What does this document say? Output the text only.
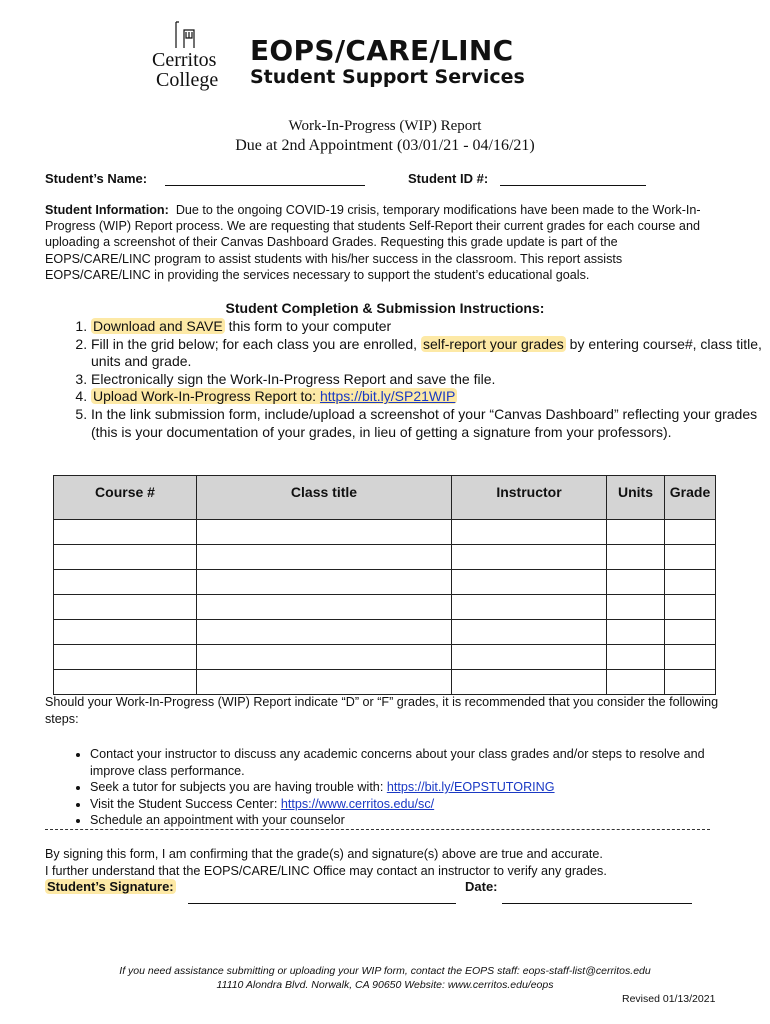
Cerritos
College
EOPS/CARE/LINC
Student Support Services
Work-In-Progress (WIP) Report
Due at 2nd Appointment (03/01/21 - 04/16/21)
Student’s Name:	Student ID #:
Student Information: Due to the ongoing COVID-19 crisis, temporary modifications have been made to the Work-In-Progress (WIP) Report process. We are requesting that students Self-Report their current grades for each course and uploading a screenshot of their Canvas Dashboard Grades. Requesting this grade update is part of the EOPS/CARE/LINC program to assist students with his/her success in the classroom. This report assists EOPS/CARE/LINC in providing the services necessary to support the student’s educational goals.
Student Completion & Submission Instructions:
1. Download and SAVE this form to your computer
2. Fill in the grid below; for each class you are enrolled, self-report your grades by entering course#, class title, units and grade.
3. Electronically sign the Work-In-Progress Report and save the file.
4. Upload Work-In-Progress Report to: https://bit.ly/SP21WIP
5. In the link submission form, include/upload a screenshot of your “Canvas Dashboard” reflecting your grades (this is your documentation of your grades, in lieu of getting a signature from your professors).
Course #	Class title	Instructor	Units	Grade

Should your Work-In-Progress (WIP) Report indicate “D” or “F” grades, it is recommended that you consider the following steps:
• Contact your instructor to discuss any academic concerns about your class grades and/or steps to resolve and improve class performance.
• Seek a tutor for subjects you are having trouble with: https://bit.ly/EOPSTUTORING
• Visit the Student Success Center: https://www.cerritos.edu/sc/
• Schedule an appointment with your counselor
By signing this form, I am confirming that the grade(s) and signature(s) above are true and accurate.
I further understand that the EOPS/CARE/LINC Office may contact an instructor to verify any grades.
Student’s Signature:	Date:
If you need assistance submitting or uploading your WIP form, contact the EOPS staff: eops-staff-list@cerritos.edu
11110 Alondra Blvd. Norwalk, CA 90650 Website: www.cerritos.edu/eops
Revised 01/13/2021
